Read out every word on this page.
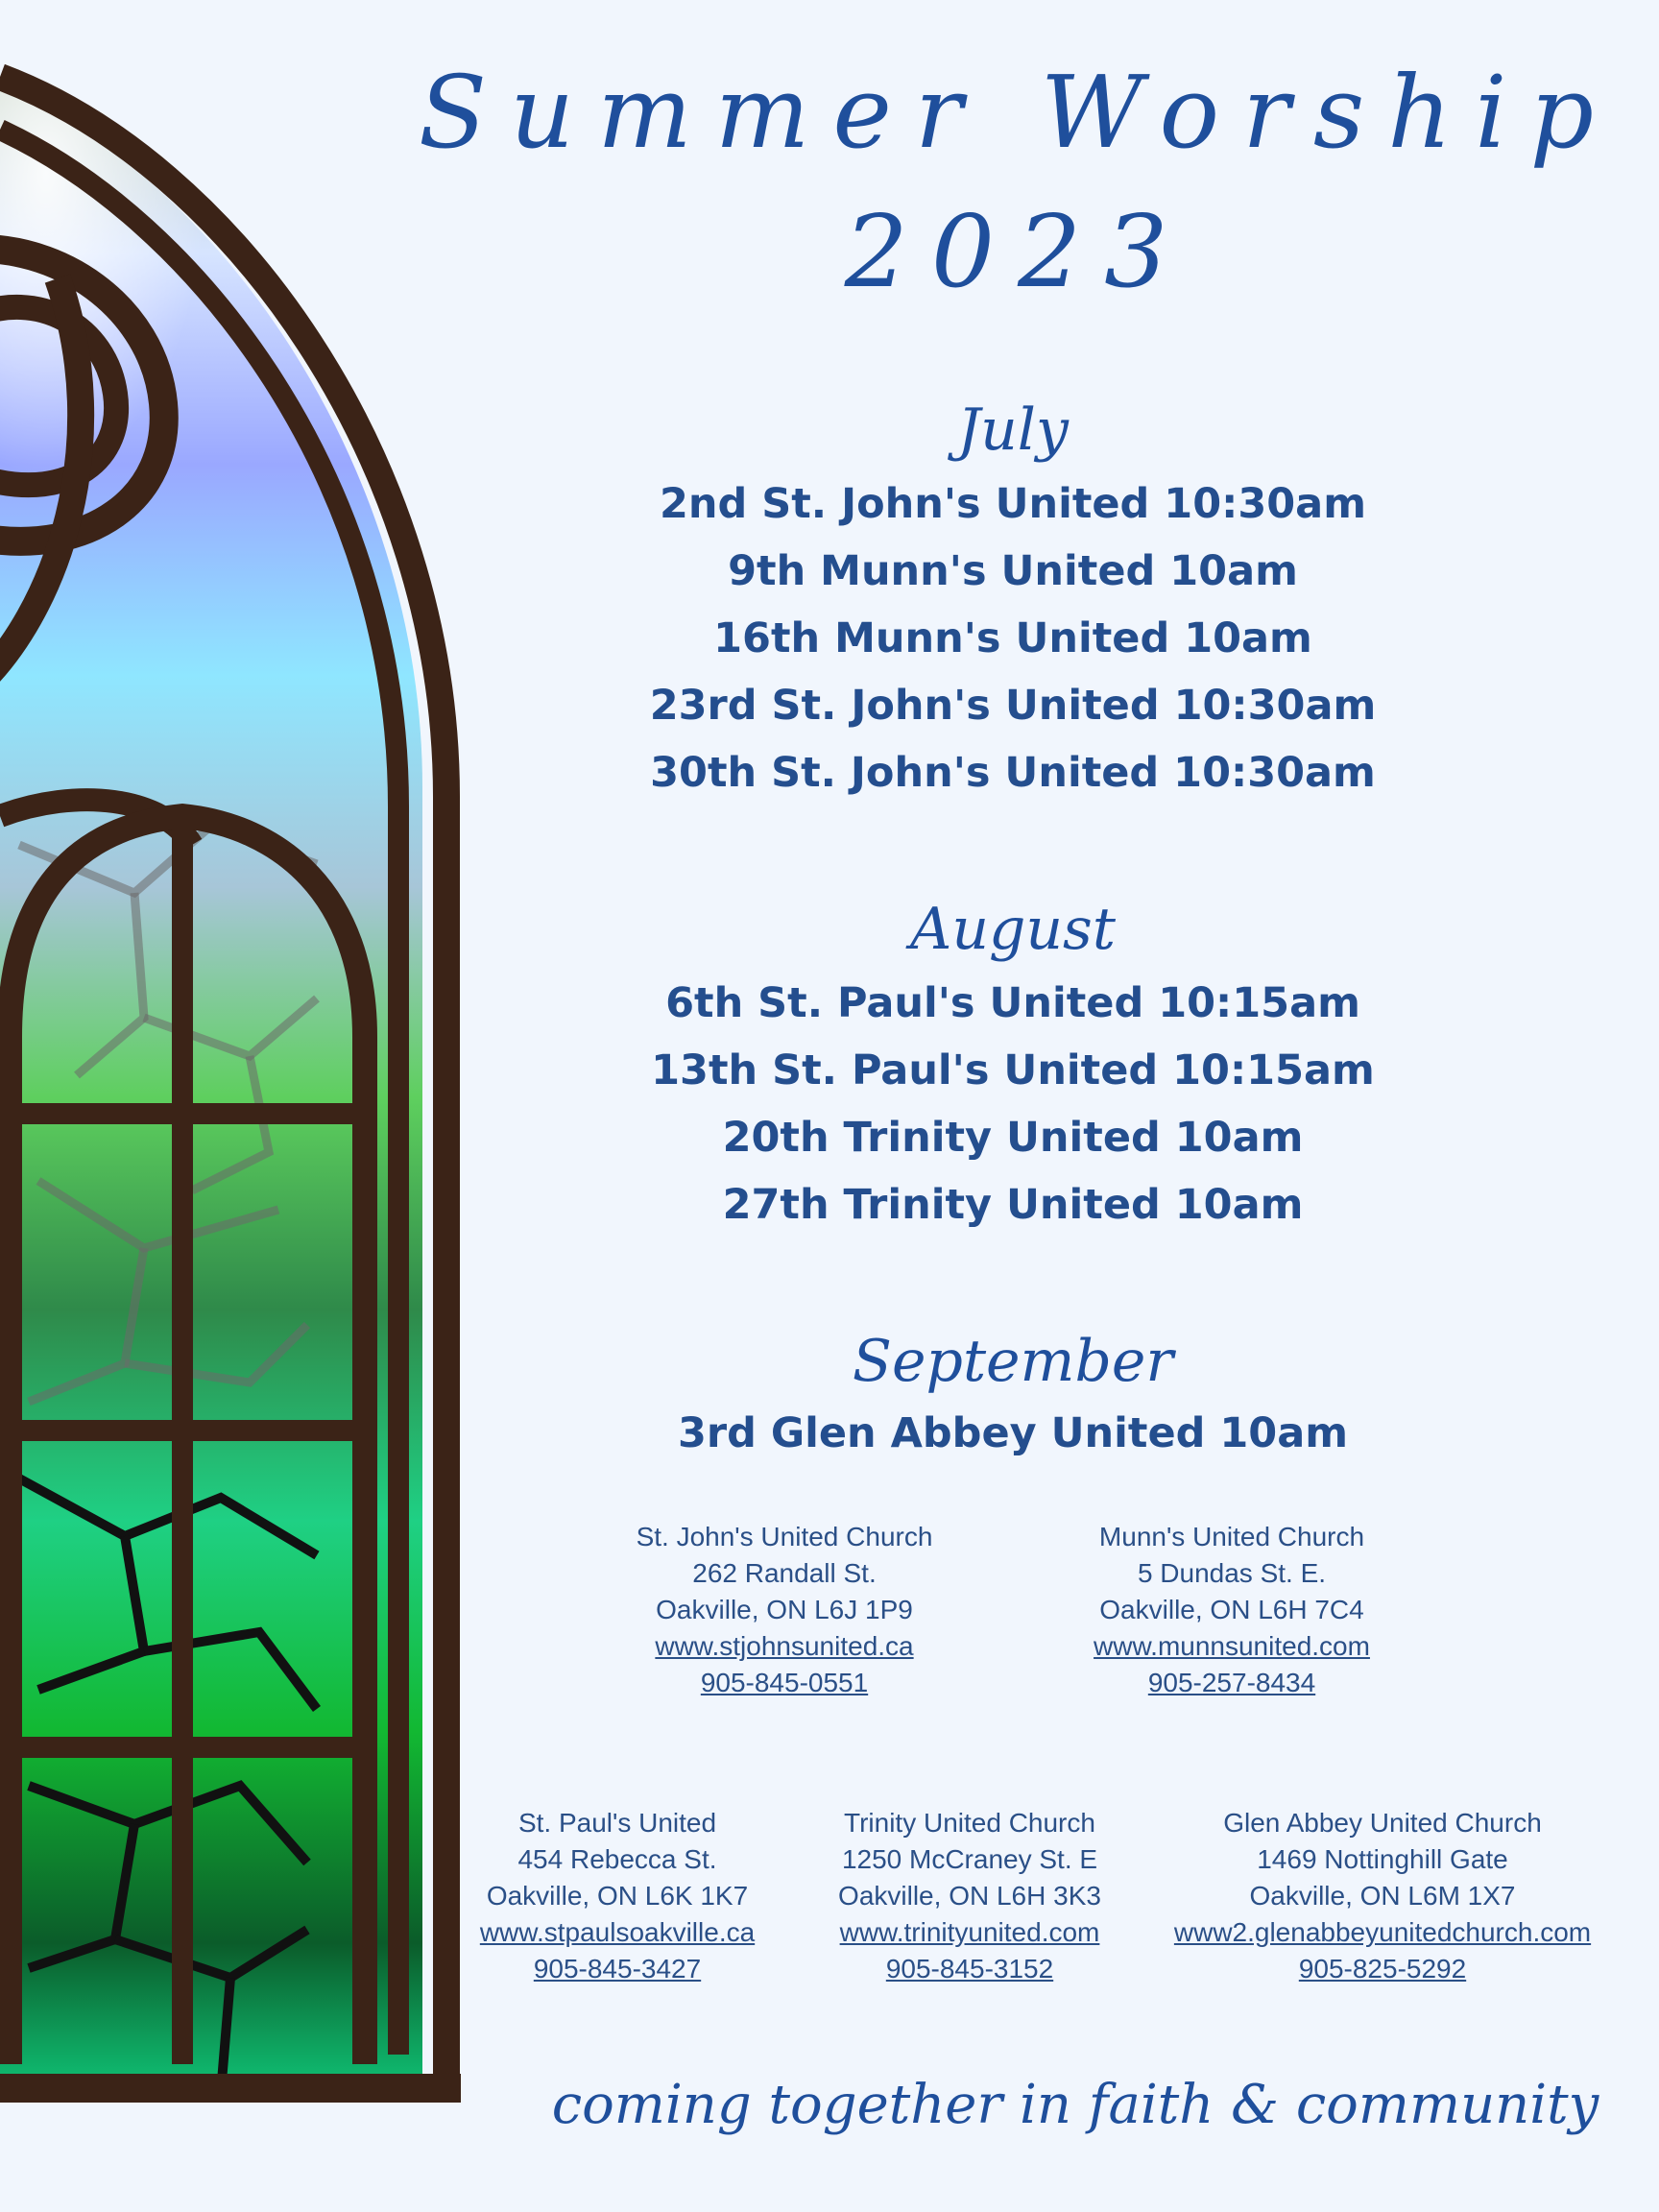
Summer Worship
2023
July
2nd St. John's United 10:30am
9th Munn's United 10am
16th Munn's United 10am
23rd St. John's United 10:30am
30th St. John's United 10:30am
August
6th St. Paul's United 10:15am
13th St. Paul's United 10:15am
20th Trinity United 10am
27th Trinity United 10am
September
3rd Glen Abbey United 10am
St. John's United Church
262 Randall St.
Oakville, ON L6J 1P9
www.stjohnsunited.ca
905-845-0551
Munn's United Church
5 Dundas St. E.
Oakville, ON L6H 7C4
www.munnsunited.com
905-257-8434
St. Paul's United
454 Rebecca St.
Oakville, ON L6K 1K7
www.stpaulsoakville.ca
905-845-3427
Trinity United Church
1250 McCraney St. E
Oakville, ON L6H 3K3
www.trinityunited.com
905-845-3152
Glen Abbey United Church
1469 Nottinghill Gate
Oakville, ON L6M 1X7
www2.glenabbeyunitedchurch.com
905-825-5292
coming together in faith & community
